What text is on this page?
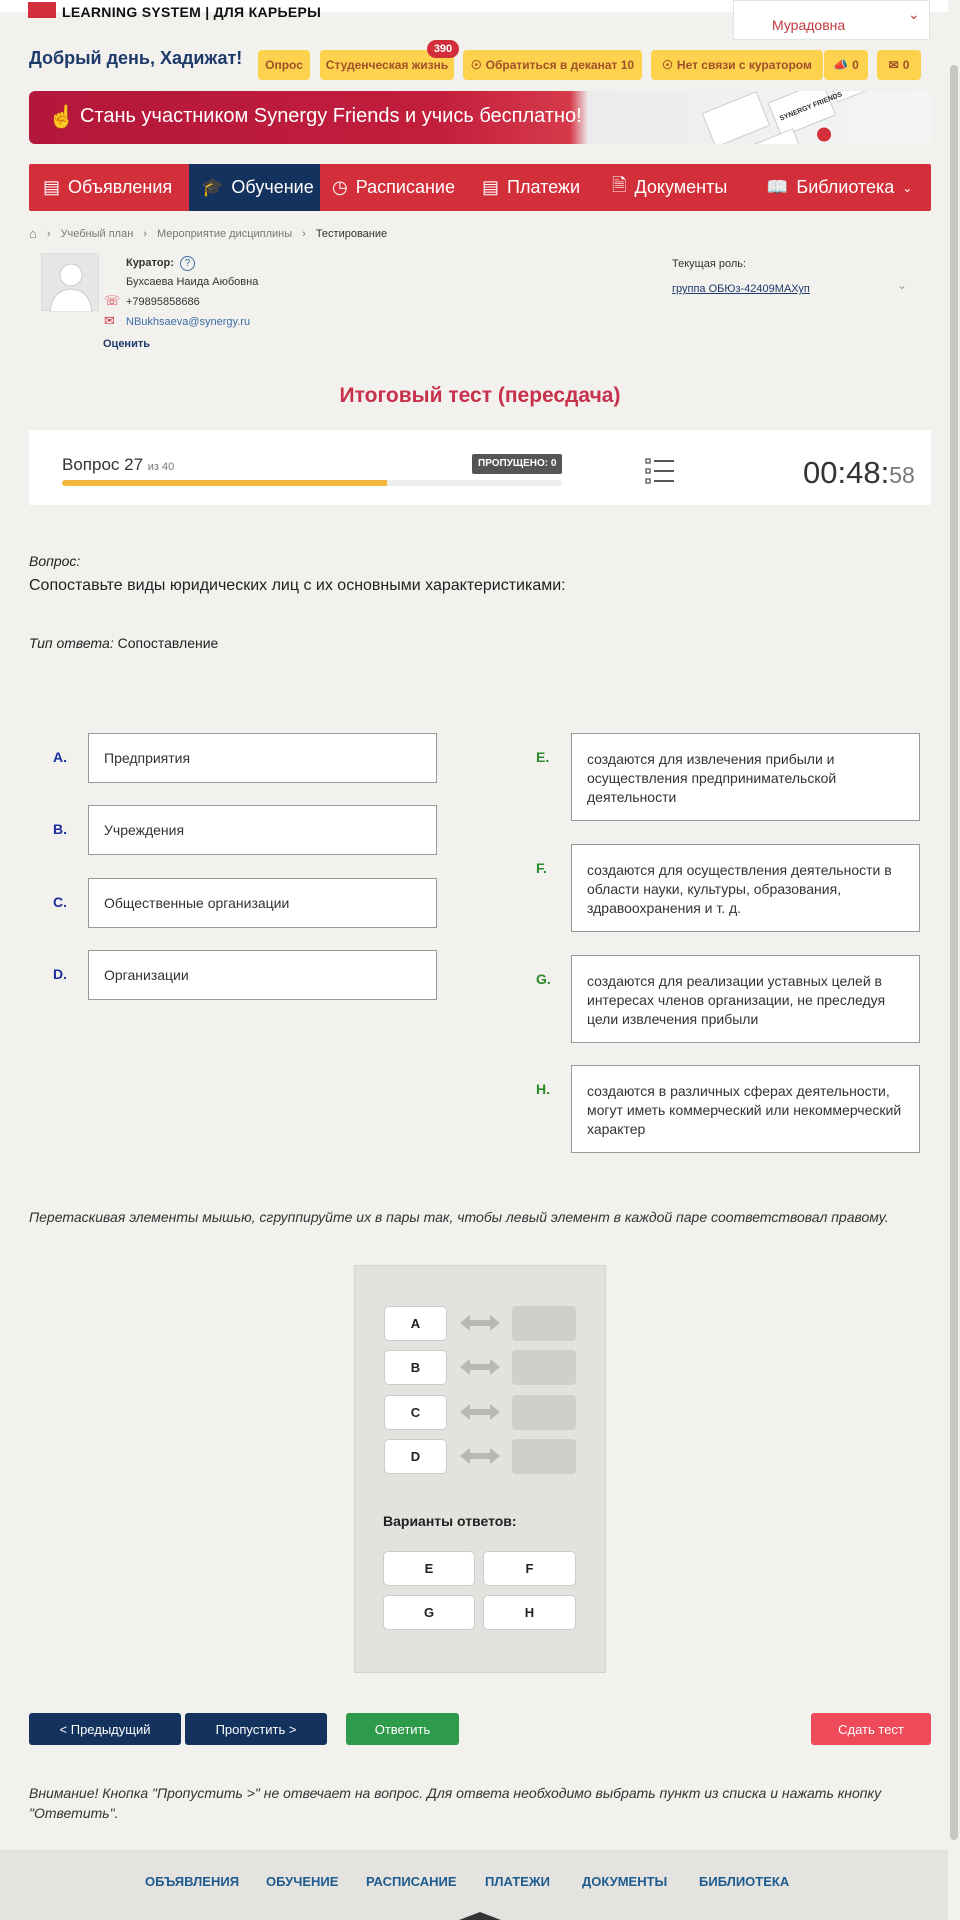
LEARNING SYSTEM | ДЛЯ КАРЬЕРЫ
Мурадовна
⌄
Добрый день, Хадижат! Опрос Студенческая жизнь
390
☉ Обратиться в деканат 10 ☉ Нет связи с куратором 📣 0 ✉ 0
SYNERGY FRIENDS
☝ Стань участником Synergy Friends и учись бесплатно!
▤ Объявления 🎓 Обучение ◷ Расписание ▤ Платежи 🗎 Документы 📖 Библиотека ⌄
⌂ › Учебный план › Мероприятие дисциплины › Тестирование
Куратор:	?
Бухсаева Наида Аюбовна
☏ +79895858686
✉ NBukhsaeva@synergy.ru
Оценить
Текущая роль:
группа ОБЮз-42409МАХуп	⌄
Итоговый тест (пересдача)
Вопрос 27 из 40	ПРОПУЩЕНО: 0	00:48:58
Вопрос:
Сопоставьте виды юридических лиц с их основными характеристиками:
Тип ответа: Сопоставление
A.	Предприятия
B.	Учреждения
C.	Общественные организации
D.	Организации
E.	создаются для извлечения прибыли и осуществления предпринимательской деятельности
F.	создаются для осуществления деятельности в области науки, культуры, образования, здравоохранения и т. д.
G.	создаются для реализации уставных целей в интересах членов организации, не преследуя цели извлечения прибыли
H.	создаются в различных сферах деятельности, могут иметь коммерческий или некоммерческий характер
Перетаскивая элементы мышью, сгруппируйте их в пары так, чтобы левый элемент в каждой паре соответствовал правому.
A
B
C
D
Варианты ответов:
E	F
G	H
< Предыдущий	Пропустить >	Ответить	Сдать тест
Внимание! Кнопка "Пропустить >" не отвечает на вопрос. Для ответа необходимо выбрать пункт из списка и нажать кнопку "Ответить".
ОБЪЯВЛЕНИЯ ОБУЧЕНИЕ РАСПИСАНИЕ ПЛАТЕЖИ ДОКУМЕНТЫ БИБЛИОТЕКА
